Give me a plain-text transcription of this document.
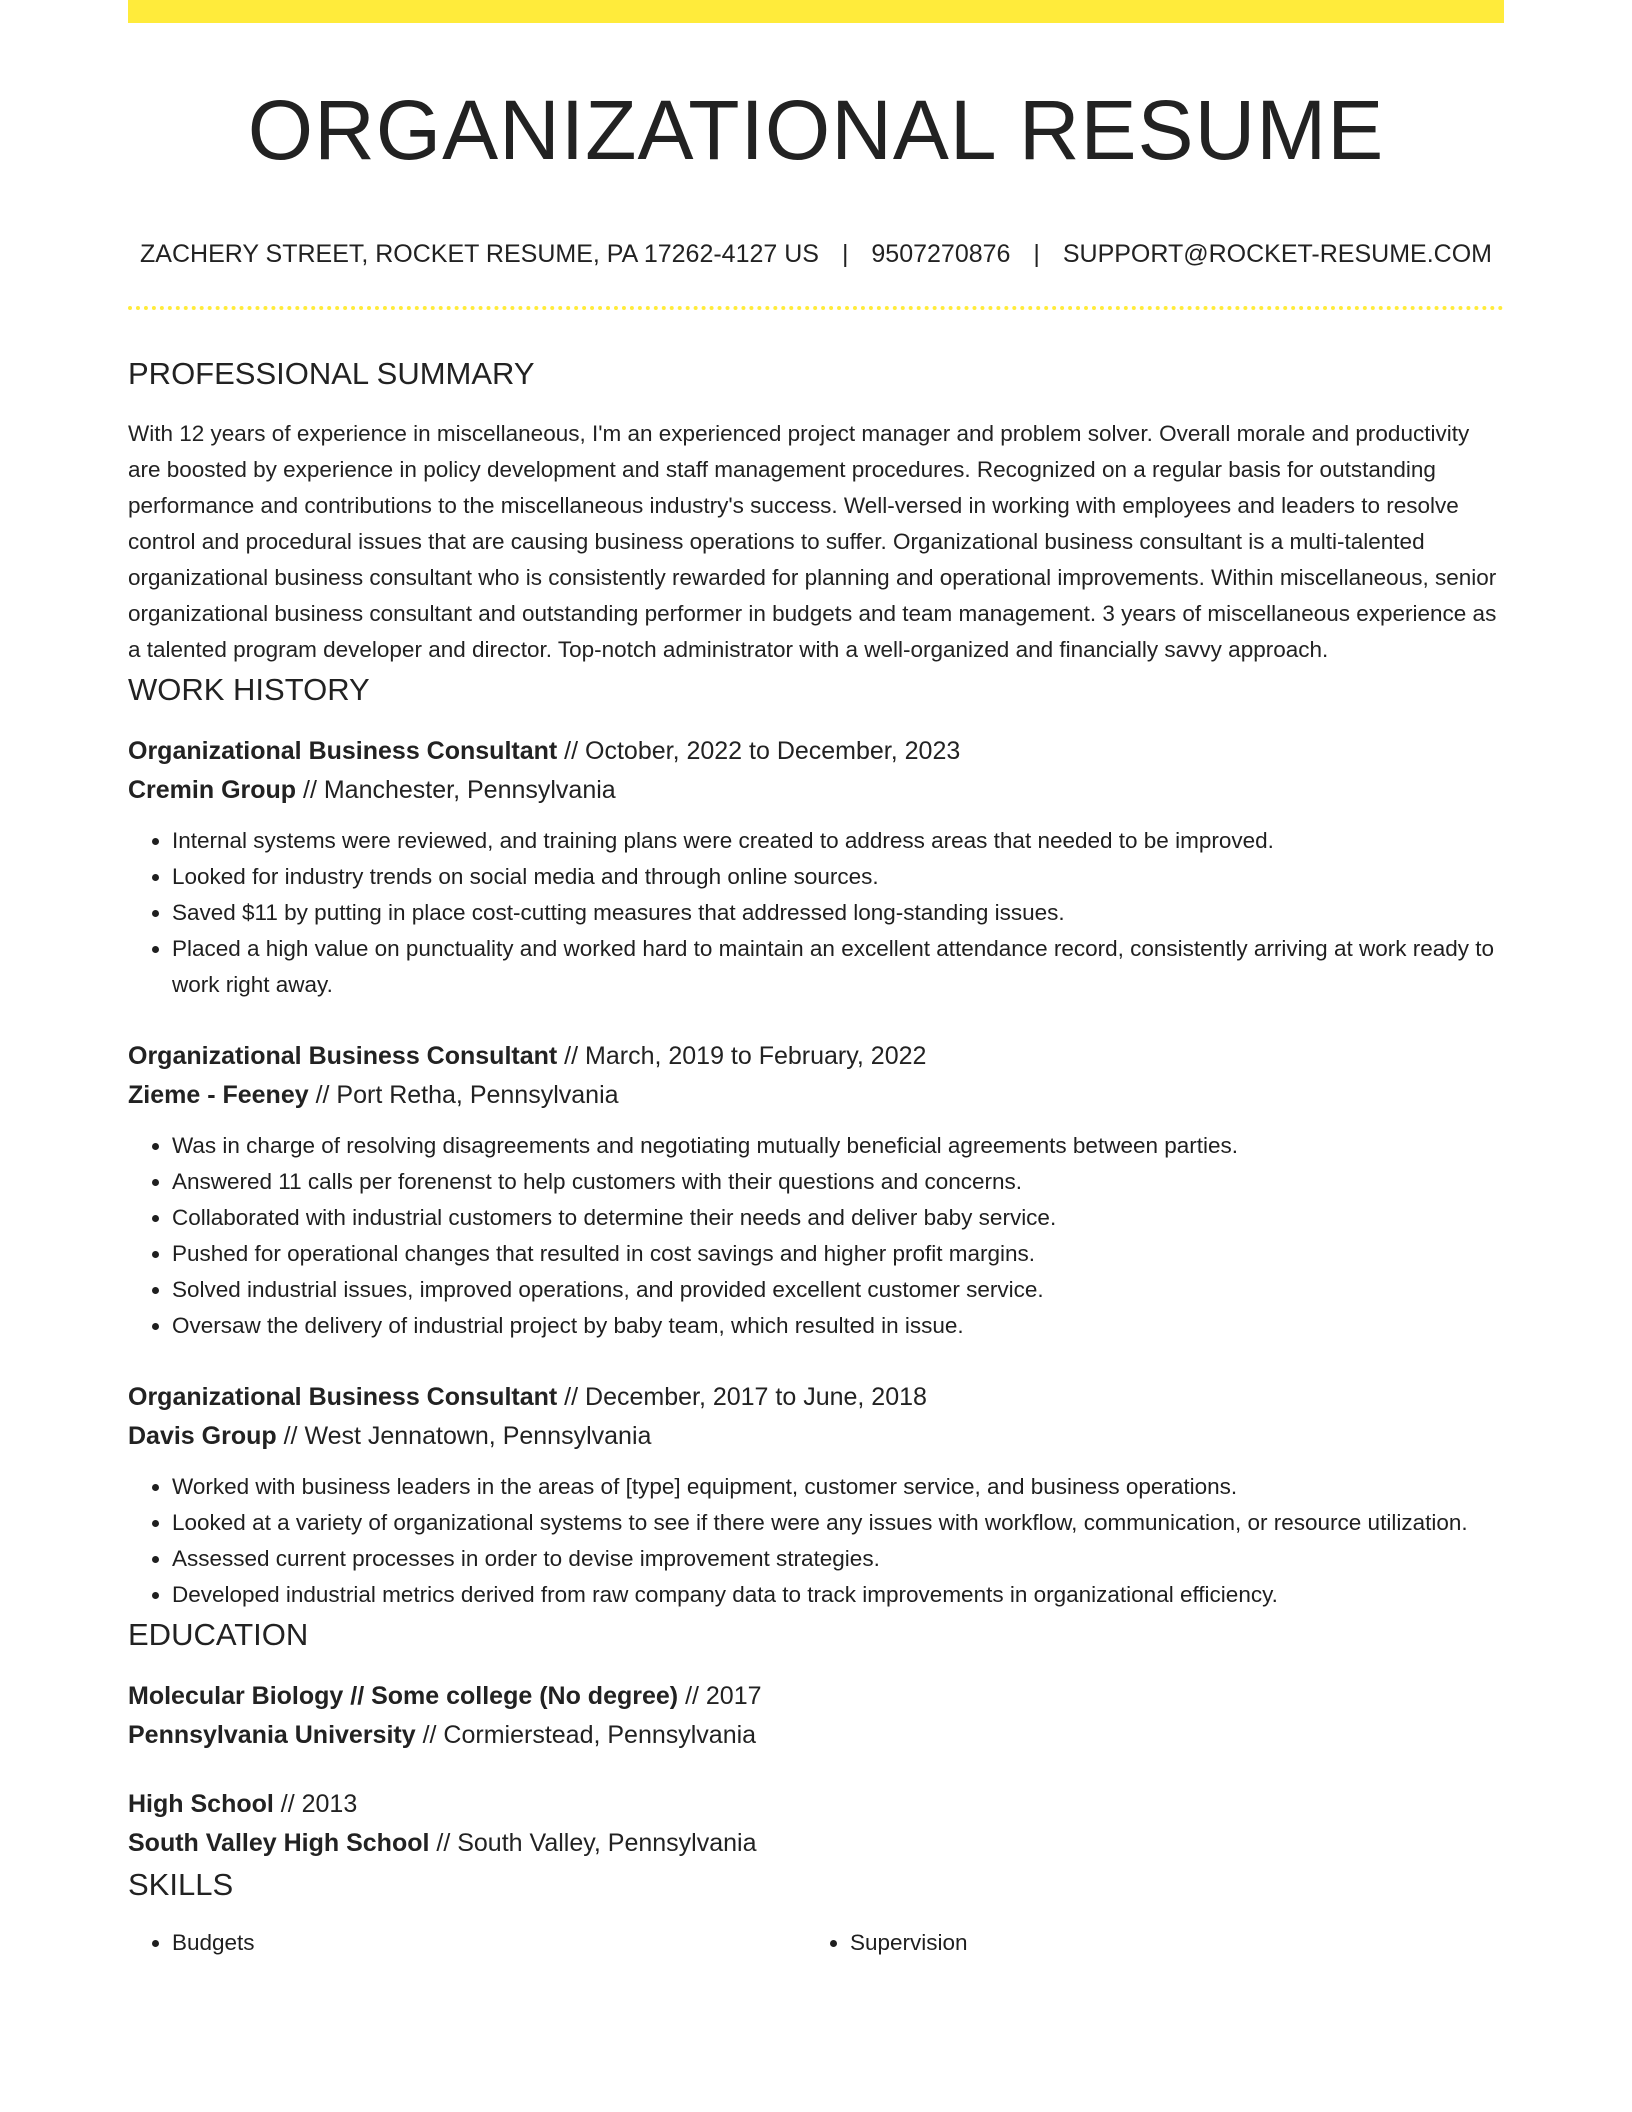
ORGANIZATIONAL RESUME
ZACHERY STREET, ROCKET RESUME, PA 17262-4127 US | 9507270876 | SUPPORT@ROCKET-RESUME.COM
PROFESSIONAL SUMMARY

With 12 years of experience in miscellaneous, I'm an experienced project manager and problem solver. Overall morale and productivity are boosted by experience in policy development and staff management procedures. Recognized on a regular basis for outstanding performance and contributions to the miscellaneous industry's success. Well-versed in working with employees and leaders to resolve control and procedural issues that are causing business operations to suffer. Organizational business consultant is a multi-talented organizational business consultant who is consistently rewarded for planning and operational improvements. Within miscellaneous, senior organizational business consultant and outstanding performer in budgets and team management. 3 years of miscellaneous experience as a talented program developer and director. Top-notch administrator with a well-organized and financially savvy approach.

WORK HISTORY
Organizational Business Consultant // October, 2022 to December, 2023
Cremin Group // Manchester, Pennsylvania
• Internal systems were reviewed, and training plans were created to address areas that needed to be improved.
• Looked for industry trends on social media and through online sources.
• Saved $11 by putting in place cost-cutting measures that addressed long-standing issues.
• Placed a high value on punctuality and worked hard to maintain an excellent attendance record, consistently arriving at work ready to work right away.
Organizational Business Consultant // March, 2019 to February, 2022
Zieme - Feeney // Port Retha, Pennsylvania
• Was in charge of resolving disagreements and negotiating mutually beneficial agreements between parties.
• Answered 11 calls per forenenst to help customers with their questions and concerns.
• Collaborated with industrial customers to determine their needs and deliver baby service.
• Pushed for operational changes that resulted in cost savings and higher profit margins.
• Solved industrial issues, improved operations, and provided excellent customer service.
• Oversaw the delivery of industrial project by baby team, which resulted in issue.
Organizational Business Consultant // December, 2017 to June, 2018
Davis Group // West Jennatown, Pennsylvania
• Worked with business leaders in the areas of [type] equipment, customer service, and business operations.
• Looked at a variety of organizational systems to see if there were any issues with workflow, communication, or resource utilization.
• Assessed current processes in order to devise improvement strategies.
• Developed industrial metrics derived from raw company data to track improvements in organizational efficiency.
EDUCATION
Molecular Biology // Some college (No degree) // 2017
Pennsylvania University // Cormierstead, Pennsylvania
High School // 2013
South Valley High School // South Valley, Pennsylvania
SKILLS
• Budgets
•	Supervision
